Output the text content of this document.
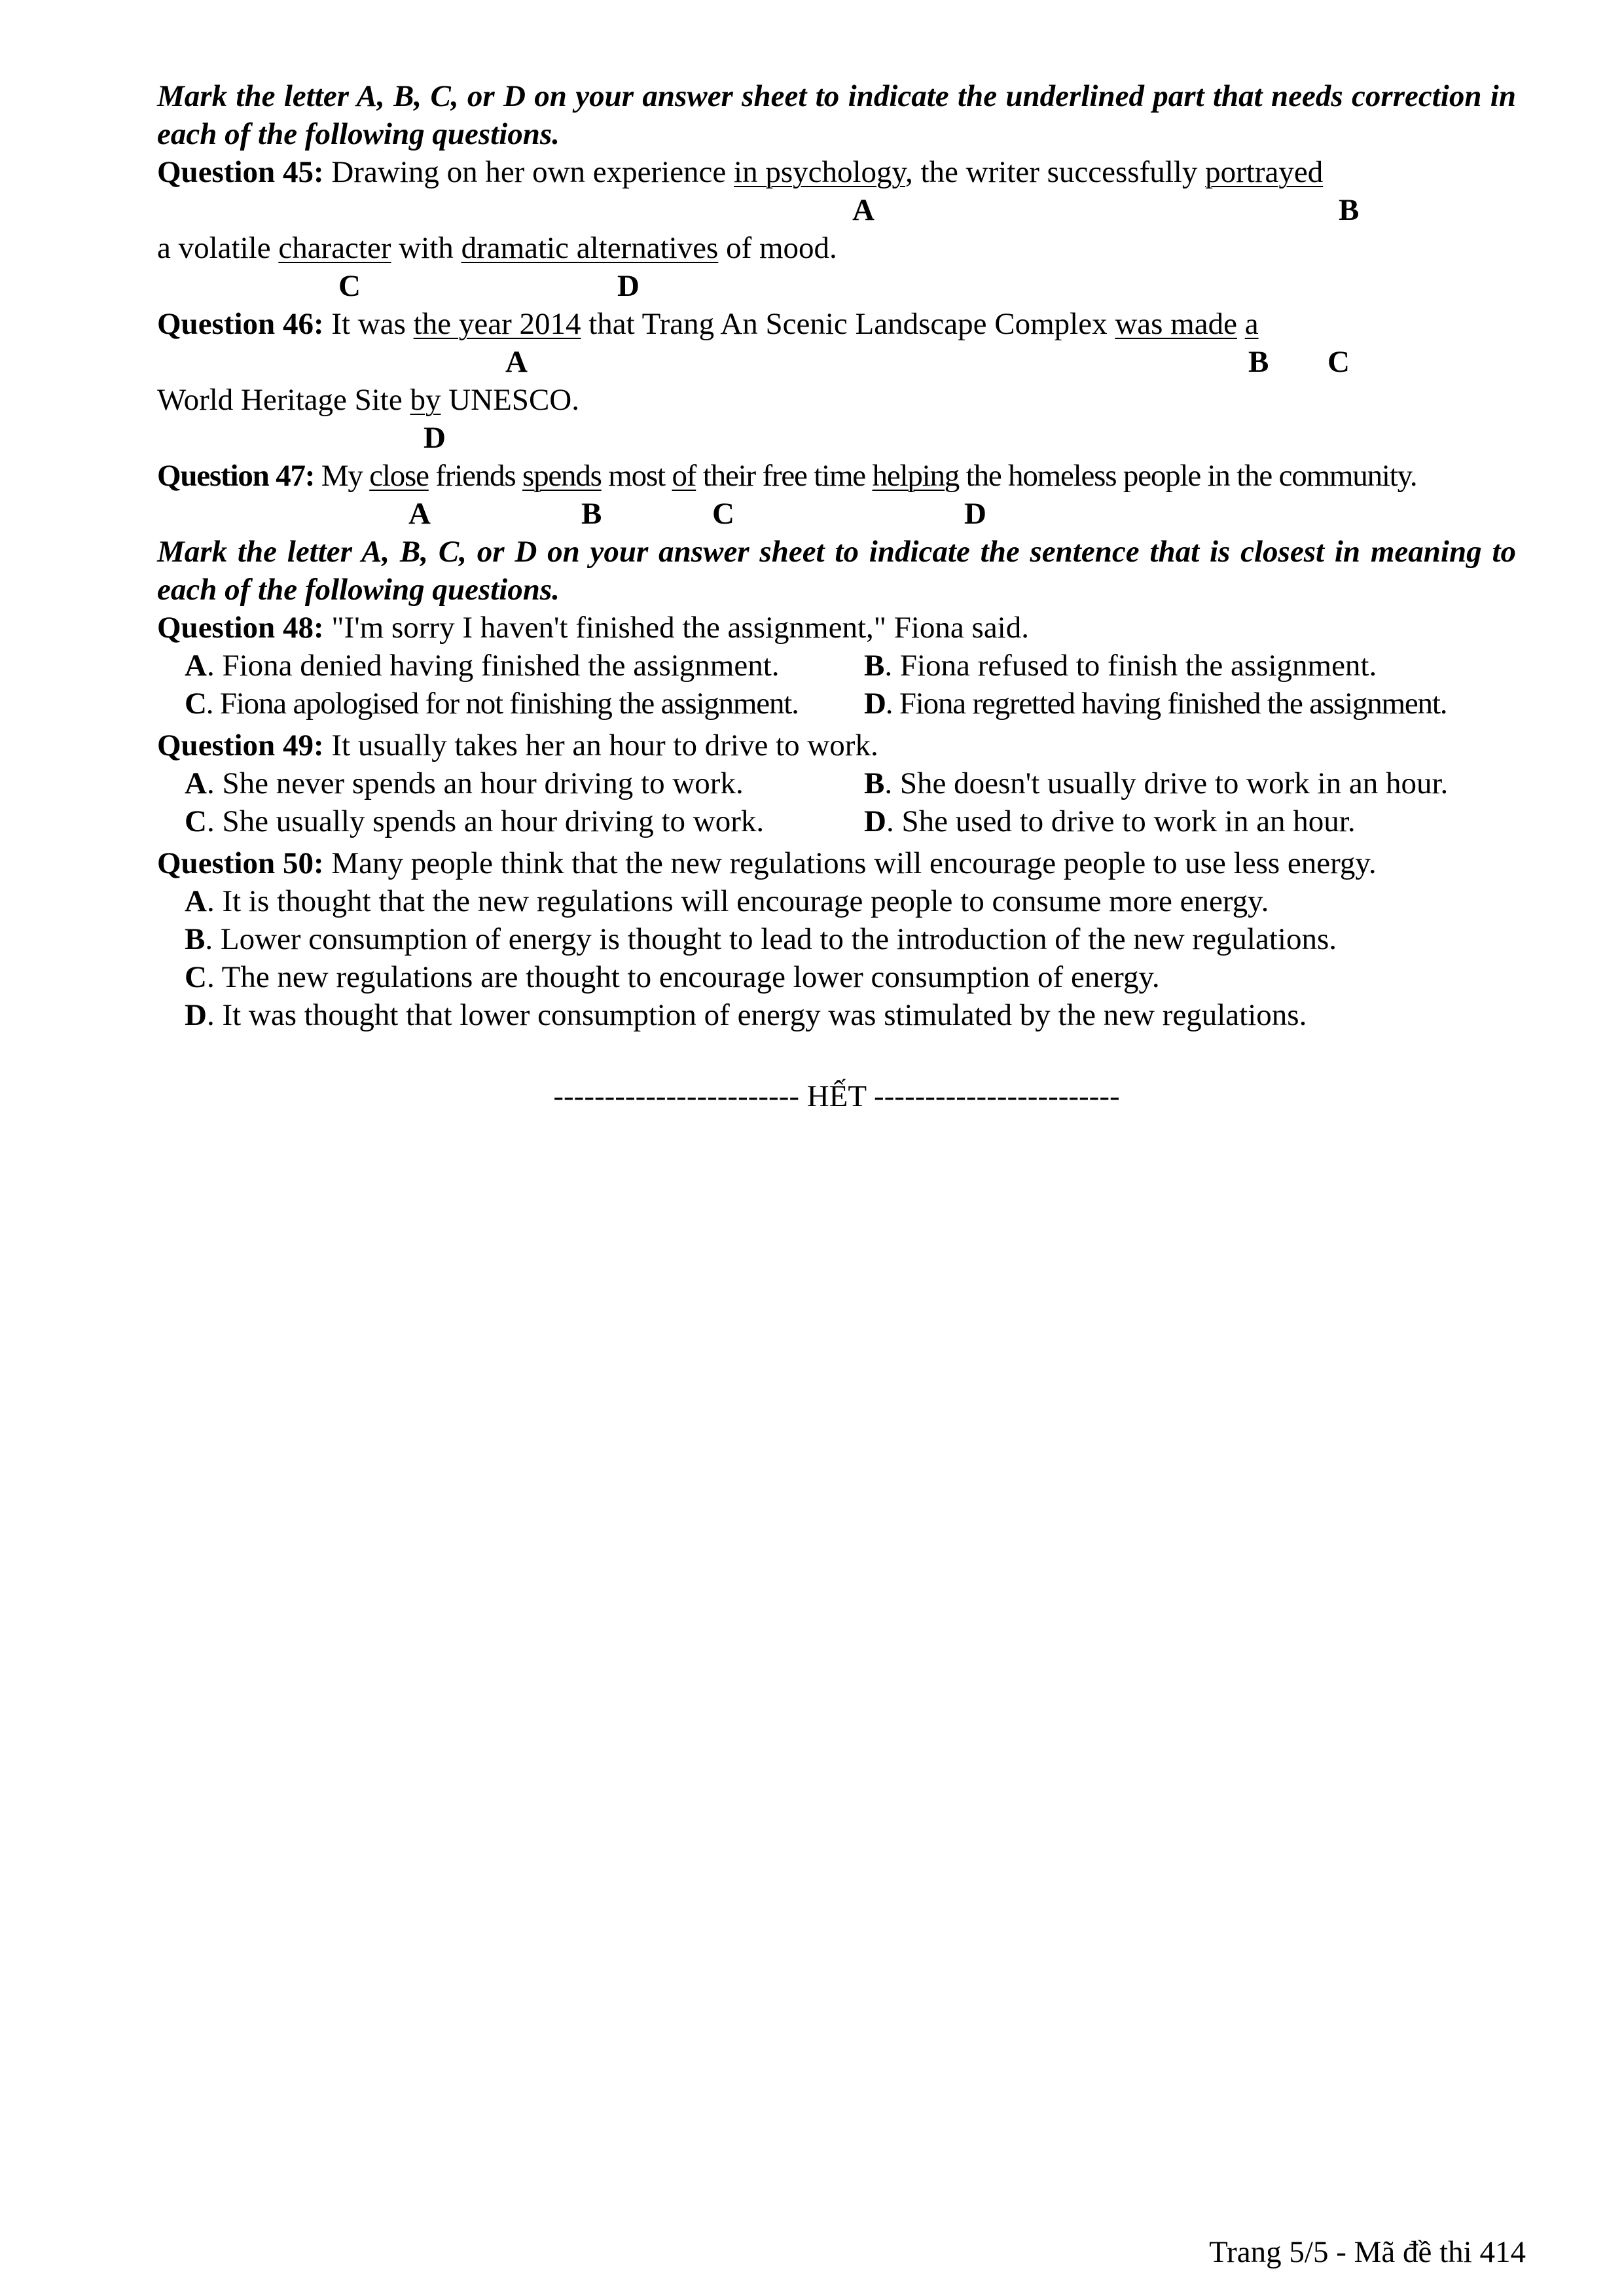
Mark the letter A, B, C, or D on your answer sheet to indicate the underlined part that needs correction in each of the following questions.

Question 45: Drawing on her own experience in psychology, the writer successfully portrayed
A	B
a volatile character with dramatic alternatives of mood.
C	D
Question 46: It was the year 2014 that Trang An Scenic Landscape Complex was made a
A	B C
World Heritage Site by UNESCO.
D
Question 47: My close friends spends most of their free time helping the homeless people in the community.
A	B	C	D

Mark the letter A, B, C, or D on your answer sheet to indicate the sentence that is closest in meaning to each of the following questions.

Question 48: "I'm sorry I haven't finished the assignment," Fiona said.
A. Fiona denied having finished the assignment.	B. Fiona refused to finish the assignment.
C. Fiona apologised for not finishing the assignment.	D. Fiona regretted having finished the assignment.
Question 49: It usually takes her an hour to drive to work.
A. She never spends an hour driving to work.	B. She doesn't usually drive to work in an hour.
C. She usually spends an hour driving to work.	D. She used to drive to work in an hour.
Question 50: Many people think that the new regulations will encourage people to use less energy.
A. It is thought that the new regulations will encourage people to consume more energy.
B. Lower consumption of energy is thought to lead to the introduction of the new regulations.
C. The new regulations are thought to encourage lower consumption of energy.
D. It was thought that lower consumption of energy was stimulated by the new regulations.
------------------------ HẾT ------------------------
Trang 5/5 - Mã đề thi 414
